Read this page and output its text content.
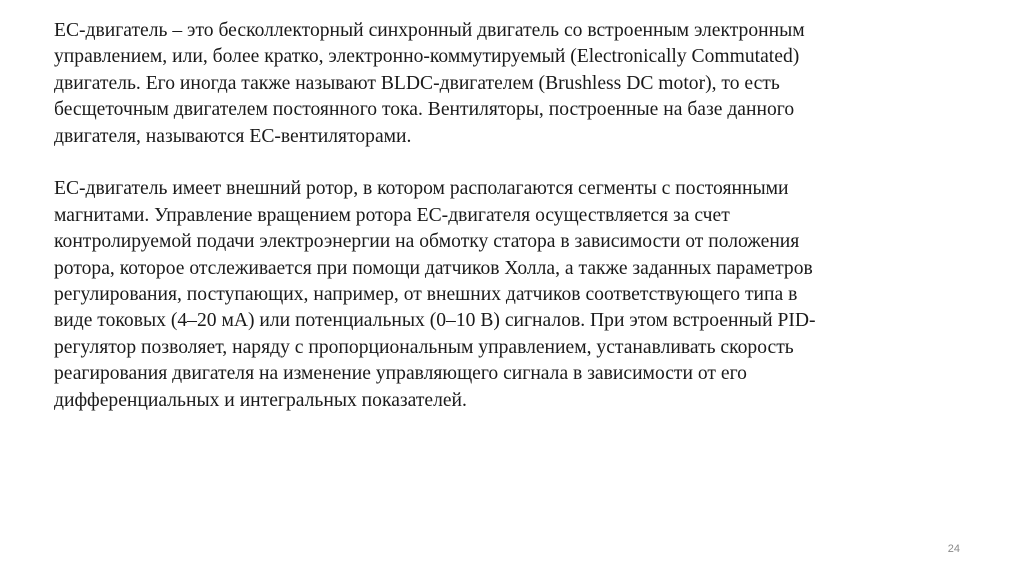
ЕС-двигатель – это бесколлекторный синхронный двигатель со встроенным электронным
управлением, или, более кратко, электронно-коммутируемый (Electronically Commutated)
двигатель. Его иногда также называют BLDC-двигателем (Brushless DC motor), то есть
бесщеточным двигателем постоянного тока. Вентиляторы, построенные на базе данного
двигателя, называются ЕС-вентиляторами.

ЕС-двигатель имеет внешний ротор, в котором располагаются сегменты с постоянными
магнитами. Управление вращением ротора ЕС-двигателя осуществляется за счет
контролируемой подачи электроэнергии на обмотку статора в зависимости от положения
ротора, которое отслеживается при помощи датчиков Холла, а также заданных параметров
регулирования, поступающих, например, от внешних датчиков соответствующего типа в
виде токовых (4–20 мА) или потенциальных (0–10 В) сигналов. При этом встроенный PID-
регулятор позволяет, наряду с пропорциональным управлением, устанавливать скорость
реагирования двигателя на изменение управляющего сигнала в зависимости от его
дифференциальных и интегральных показателей.

24
